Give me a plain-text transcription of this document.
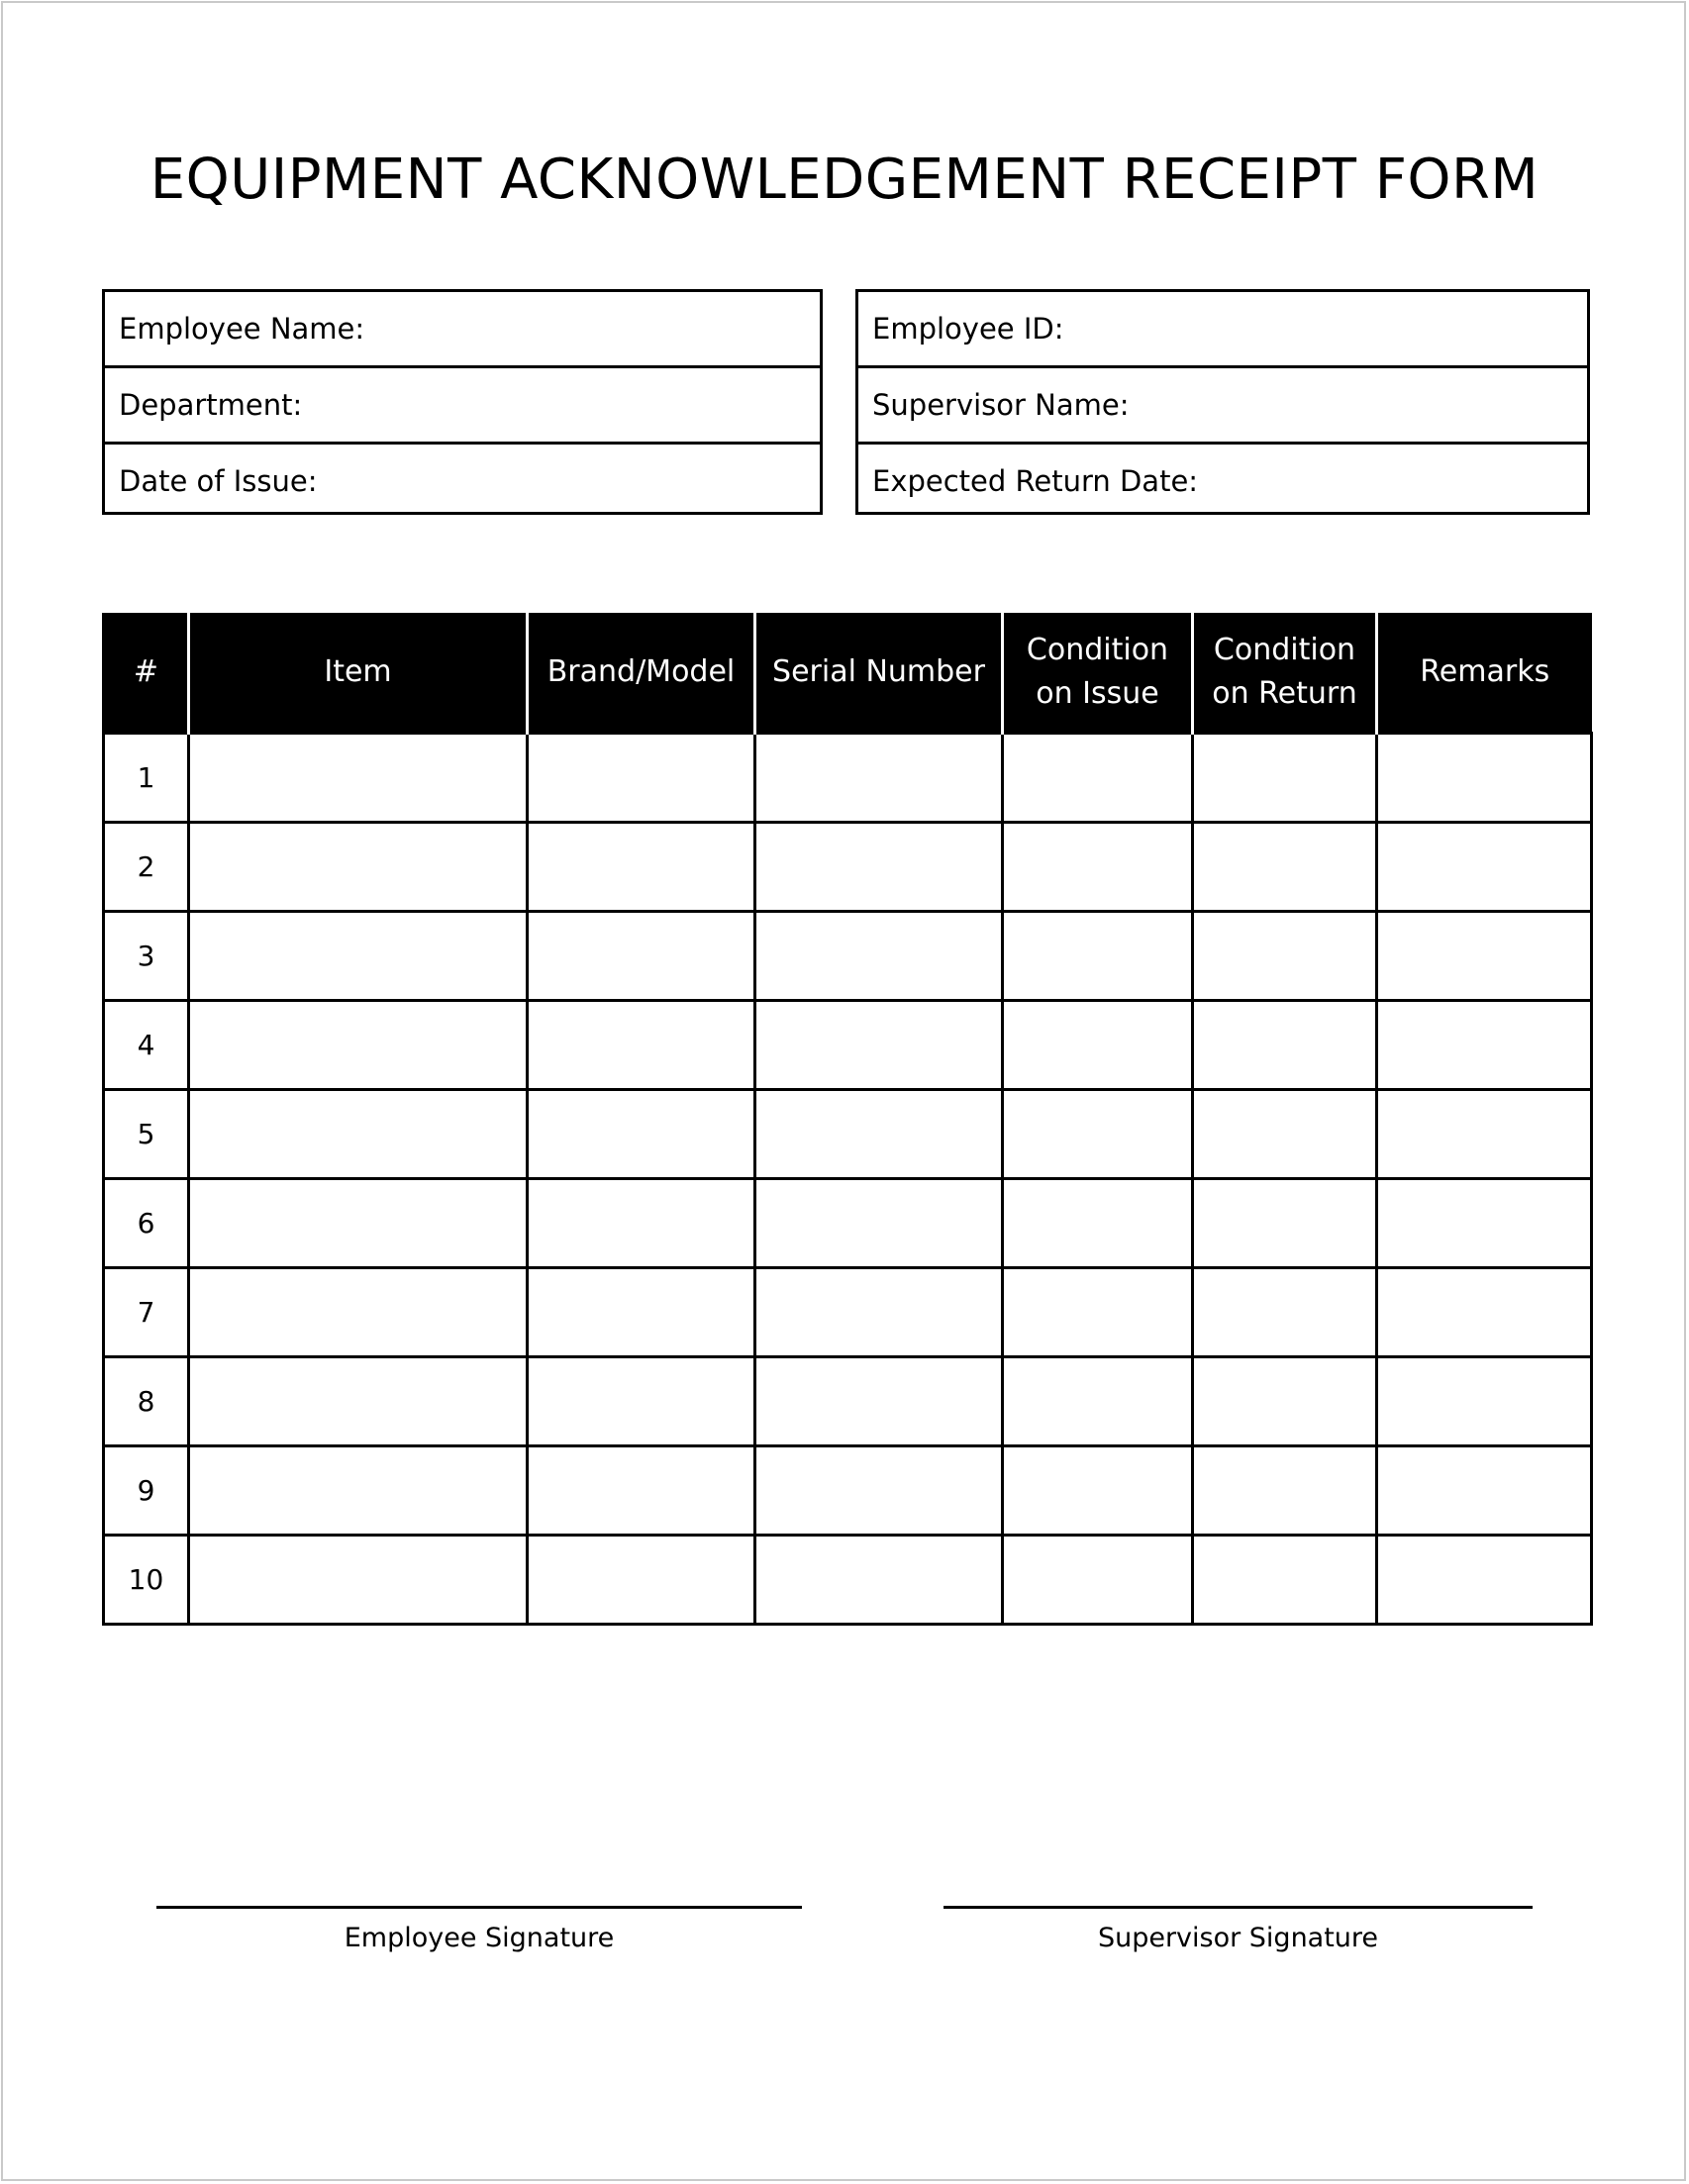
EQUIPMENT ACKNOWLEDGEMENT RECEIPT FORM
Employee Name:
Department:
Date of Issue:
Employee ID:
Supervisor Name:
Expected Return Date:
#	Item	Brand/Model	Serial Number	Condition on Issue	Condition on Return	Remarks
1						
2						
3						
4						
5						
6						
7						
8						
9						
10						
Employee Signature	Supervisor Signature
